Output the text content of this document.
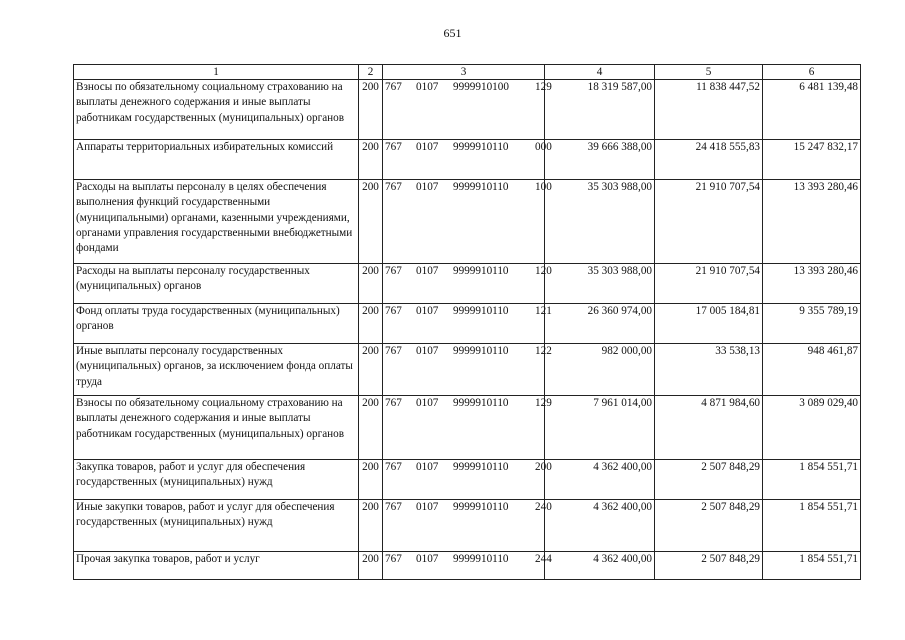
651
1	2	3	4	5	6
Взносы по обязательному социальному страхованию на выплаты денежного содержания и иные выплаты работникам государственных (муниципальных) органов	200	767 0107 9999910100 129	18 319 587,00	11 838 447,52	6 481 139,48
Аппараты территориальных избирательных комиссий	200	767 0107 9999910110 000	39 666 388,00	24 418 555,83	15 247 832,17
Расходы на выплаты персоналу в целях обеспечения выполнения функций государственными (муниципальными) органами, казенными учреждениями, органами управления государственными внебюджетными фондами	200	767 0107 9999910110 100	35 303 988,00	21 910 707,54	13 393 280,46
Расходы на выплаты персоналу государственных (муниципальных) органов	200	767 0107 9999910110 120	35 303 988,00	21 910 707,54	13 393 280,46
Фонд оплаты труда государственных (муниципальных) органов	200	767 0107 9999910110 121	26 360 974,00	17 005 184,81	9 355 789,19
Иные выплаты персоналу государственных (муниципальных) органов, за исключением фонда оплаты труда	200	767 0107 9999910110 122	982 000,00	33 538,13	948 461,87
Взносы по обязательному социальному страхованию на выплаты денежного содержания и иные выплаты работникам государственных (муниципальных) органов	200	767 0107 9999910110 129	7 961 014,00	4 871 984,60	3 089 029,40
Закупка товаров, работ и услуг для обеспечения государственных (муниципальных) нужд	200	767 0107 9999910110 200	4 362 400,00	2 507 848,29	1 854 551,71
Иные закупки товаров, работ и услуг для обеспечения государственных (муниципальных) нужд	200	767 0107 9999910110 240	4 362 400,00	2 507 848,29	1 854 551,71
Прочая закупка товаров, работ и услуг	200	767 0107 9999910110 244	4 362 400,00	2 507 848,29	1 854 551,71
